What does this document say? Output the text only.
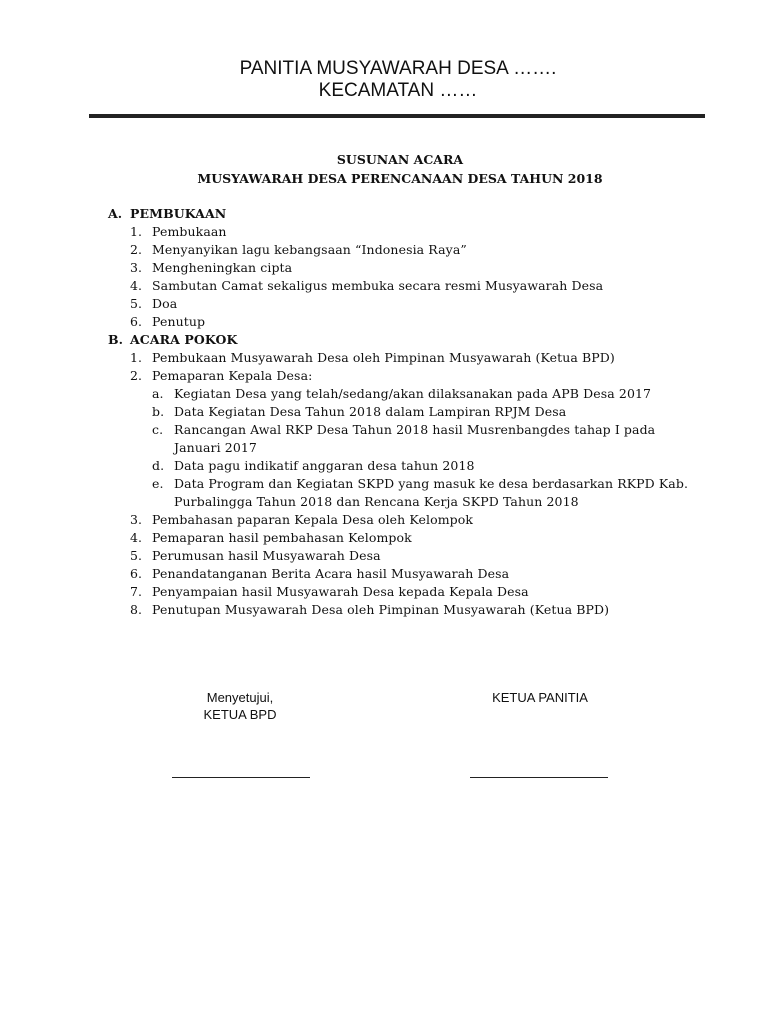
PANITIA MUSYAWARAH DESA …….
KECAMATAN ……
SUSUNAN ACARA
MUSYAWARAH DESA PERENCANAAN DESA TAHUN 2018
A. PEMBUKAAN
1. Pembukaan
2. Menyanyikan lagu kebangsaan “Indonesia Raya”
3. Mengheningkan cipta
4. Sambutan Camat sekaligus membuka secara resmi Musyawarah Desa
5. Doa
6. Penutup
B. ACARA POKOK
1. Pembukaan Musyawarah Desa oleh Pimpinan Musyawarah (Ketua BPD)
2. Pemaparan Kepala Desa:
a. Kegiatan Desa yang telah/sedang/akan dilaksanakan pada APB Desa 2017
b. Data Kegiatan Desa Tahun 2018 dalam Lampiran RPJM Desa
c. Rancangan Awal RKP Desa Tahun 2018 hasil Musrenbangdes tahap I pada Januari 2017
d. Data pagu indikatif anggaran desa tahun 2018
e. Data Program dan Kegiatan SKPD yang masuk ke desa berdasarkan RKPD Kab. Purbalingga Tahun 2018 dan Rencana Kerja SKPD Tahun 2018
3. Pembahasan paparan Kepala Desa oleh Kelompok
4. Pemaparan hasil pembahasan Kelompok
5. Perumusan hasil Musyawarah Desa
6. Penandatanganan Berita Acara hasil Musyawarah Desa
7. Penyampaian hasil Musyawarah Desa kepada Kepala Desa
8. Penutupan Musyawarah Desa oleh Pimpinan Musyawarah (Ketua BPD)
Menyetujui,
KETUA BPD
KETUA PANITIA
